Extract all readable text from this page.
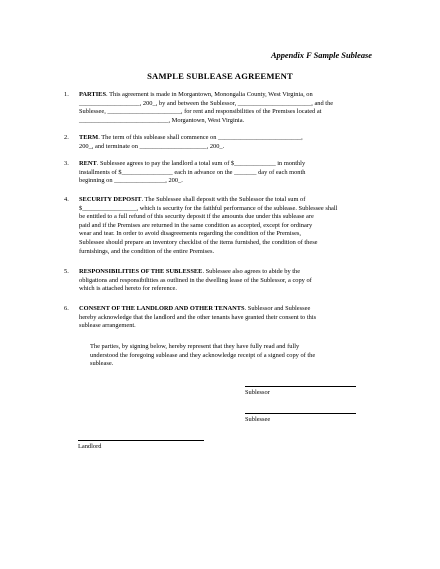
Appendix F Sample Sublease
SAMPLE SUBLEASE AGREEMENT
1. PARTIES. This agreement is made in Morgantown, Monongalia County, West Virginia, on
___________________, 200_, by and between the Sublessor, _______________________, and the
Sublessee, _______________________, for rent and responsibilities of the Premises located at
____________________________, Morgantown, West Virginia.
2. TERM. The term of this sublease shall commence on __________________________,
200_, and terminate on _____________________, 200_.
3. RENT. Sublessee agrees to pay the landlord a total sum of $_____________ in monthly
installments of $________________ each in advance on the _______ day of each month
beginning on ________________, 200_.
4. SECURITY DEPOSIT. The Sublessee shall deposit with the Sublessor the total sum of
$_________________, which is security for the faithful performance of the sublease. Sublessee shall
be entitled to a full refund of this security deposit if the amounts due under this sublease are
paid and if the Premises are returned in the same condition as accepted, except for ordinary
wear and tear. In order to avoid disagreements regarding the condition of the Premises,
Sublessee should prepare an inventory checklist of the items furnished, the condition of these
furnishings, and the condition of the entire Premises.
5. RESPONSIBILITIES OF THE SUBLESSEE. Sublessee also agrees to abide by the
obligations and responsibilities as outlined in the dwelling lease of the Sublessor, a copy of
which is attached hereto for reference.
6. CONSENT OF THE LANDLORD AND OTHER TENANTS. Sublessor and Sublessee
hereby acknowledge that the landlord and the other tenants have granted their consent to this
sublease arrangement.
The parties, by signing below, hereby represent that they have fully read and fully
understood the foregoing sublease and they acknowledge receipt of a signed copy of the
sublease.
Sublessor
Sublessee
Landlord
